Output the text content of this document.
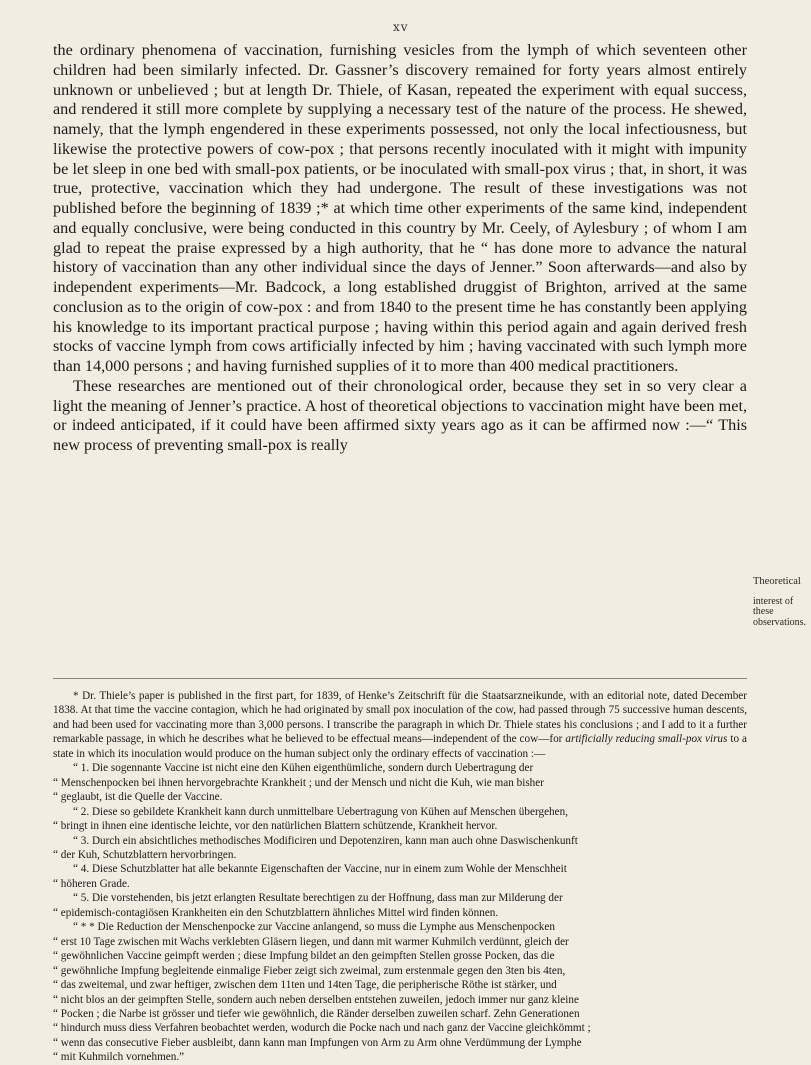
xv

the ordinary phenomena of vaccination, furnishing vesicles from the lymph of which seventeen other children had been similarly infected. Dr. Gassner’s discovery remained for forty years almost entirely unknown or unbelieved ; but at length Dr. Thiele, of Kasan, repeated the experiment with equal success, and rendered it still more complete by supplying a necessary test of the nature of the process. He shewed, namely, that the lymph engendered in these experiments possessed, not only the local infectiousness, but likewise the protective powers of cow-pox ; that persons recently inoculated with it might with impunity be let sleep in one bed with small-pox patients, or be inoculated with small-pox virus ; that, in short, it was true, protective, vaccination which they had undergone. The result of these investigations was not published before the beginning of 1839 ;* at which time other experiments of the same kind, independent and equally conclusive, were being conducted in this country by Mr. Ceely, of Aylesbury ; of whom I am glad to repeat the praise expressed by a high authority, that he “ has done more to advance the natural history of vaccination than any other individual since the days of Jenner.” Soon afterwards—and also by independent experiments—Mr. Badcock, a long established druggist of Brighton, arrived at the same conclusion as to the origin of cow-pox : and from 1840 to the present time he has constantly been applying his knowledge to its important practical purpose ; having within this period again and again derived fresh stocks of vaccine lymph from cows artificially infected by him ; having vaccinated with such lymph more than 14,000 persons ; and having furnished supplies of it to more than 400 medical practitioners.

These researches are mentioned out of their chronological order, because they set in so very clear a light the meaning of Jenner’s practice. A host of theoretical objections to vaccination might have been met, or indeed anticipated, if it could have been affirmed sixty years ago as it can be affirmed now :—“ This new process of preventing small-pox is really

Theoretical
interest of these observations.

* Dr. Thiele’s paper is published in the first part, for 1839, of Henke’s Zeitschrift für die Staatsarzneikunde, with an editorial note, dated December 1838. At that time the vaccine contagion, which he had originated by small pox inoculation of the cow, had passed through 75 successive human descents, and had been used for vaccinating more than 3,000 persons. I transcribe the paragraph in which Dr. Thiele states his conclusions ; and I add to it a further remarkable passage, in which he describes what he believed to be effectual means—independent of the cow—for artificially reducing small-pox virus to a state in which its inoculation would produce on the human subject only the ordinary effects of vaccination :—

“ 1. Die sogennante Vaccine ist nicht eine den Kühen eigenthümliche, sondern durch Uebertragung der
“ Menschenpocken bei ihnen hervorgebrachte Krankheit ; und der Mensch und nicht die Kuh, wie man bisher
“ geglaubt, ist die Quelle der Vaccine.
“ 2. Diese so gebildete Krankheit kann durch unmittelbare Uebertragung von Kühen auf Menschen übergehen,
“ bringt in ihnen eine identische leichte, vor den natürlichen Blattern schützende, Krankheit hervor.
“ 3. Durch ein absichtliches methodisches Modificiren und Depotenziren, kann man auch ohne Daswischenkunft
“ der Kuh, Schutzblattern hervorbringen.
“ 4. Diese Schutzblatter hat alle bekannte Eigenschaften der Vaccine, nur in einem zum Wohle der Menschheit
“ höheren Grade.
“ 5. Die vorstehenden, bis jetzt erlangten Resultate berechtigen zu der Hoffnung, dass man zur Milderung der
“ epidemisch-contagiösen Krankheiten ein den Schutzblattern ähnliches Mittel wird finden können.
“ * * Die Reduction der Menschenpocke zur Vaccine anlangend, so muss die Lymphe aus Menschenpocken
“ erst 10 Tage zwischen mit Wachs verklebten Gläsern liegen, und dann mit warmer Kuhmilch verdünnt, gleich der
“ gewöhnlichen Vaccine geimpft werden ; diese Impfung bildet an den geimpften Stellen grosse Pocken, das die
“ gewöhnliche Impfung begleitende einmalige Fieber zeigt sich zweimal, zum erstenmale gegen den 3ten bis 4ten,
“ das zweitemal, und zwar heftiger, zwischen dem 11ten und 14ten Tage, die peripherische Röthe ist stärker, und
“ nicht blos an der geimpften Stelle, sondern auch neben derselben entstehen zuweilen, jedoch immer nur ganz kleine
“ Pocken ; die Narbe ist grösser und tiefer wie gewöhnlich, die Ränder derselben zuweilen scharf. Zehn Generationen
“ hindurch muss diess Verfahren beobachtet werden, wodurch die Pocke nach und nach ganz der Vaccine gleichkömmt ;
“ wenn das consecutive Fieber ausbleibt, dann kann man Impfungen von Arm zu Arm ohne Verdümmung der Lymphe
“ mit Kuhmilch vornehmen.”
